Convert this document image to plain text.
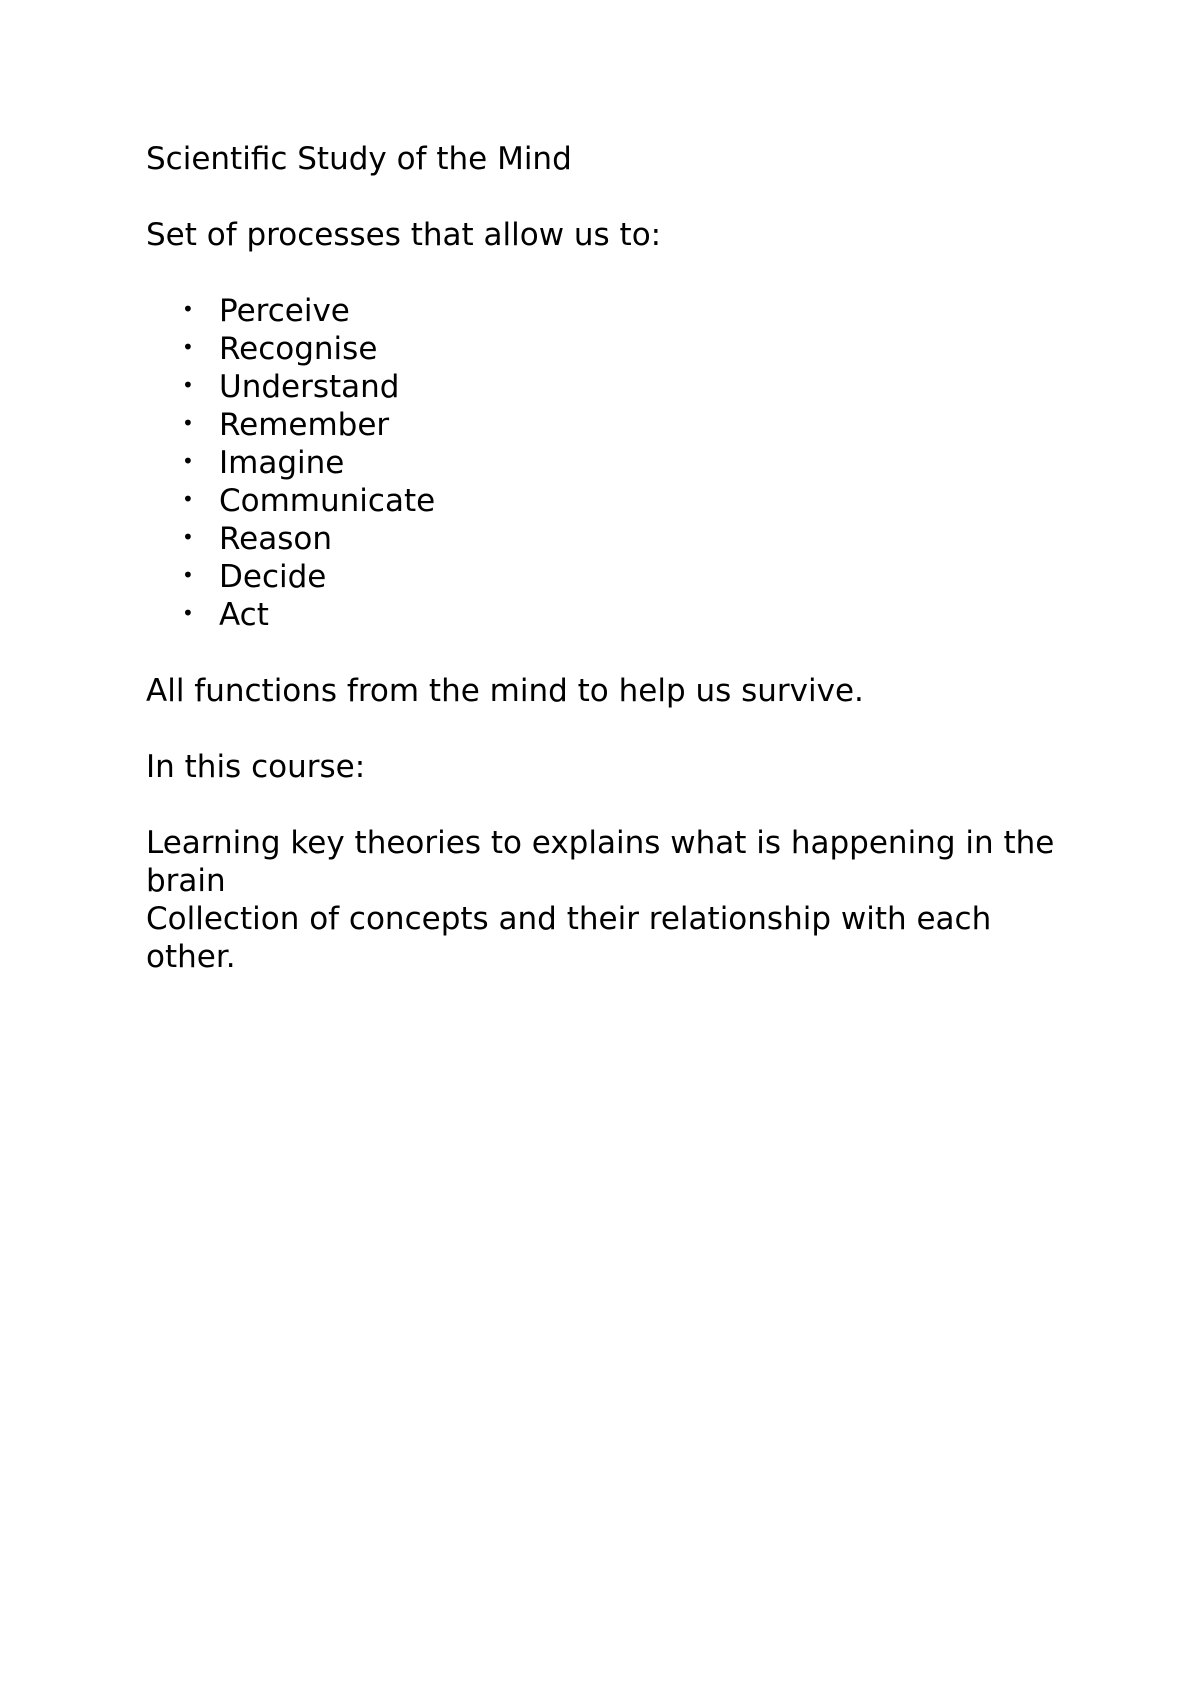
Scientific Study of the Mind

Set of processes that allow us to:

• Perceive
• Recognise
• Understand
• Remember
• Imagine
• Communicate
• Reason
• Decide
• Act

All functions from the mind to help us survive.

In this course:

Learning key theories to explains what is happening in the brain

Collection of concepts and their relationship with each other.
